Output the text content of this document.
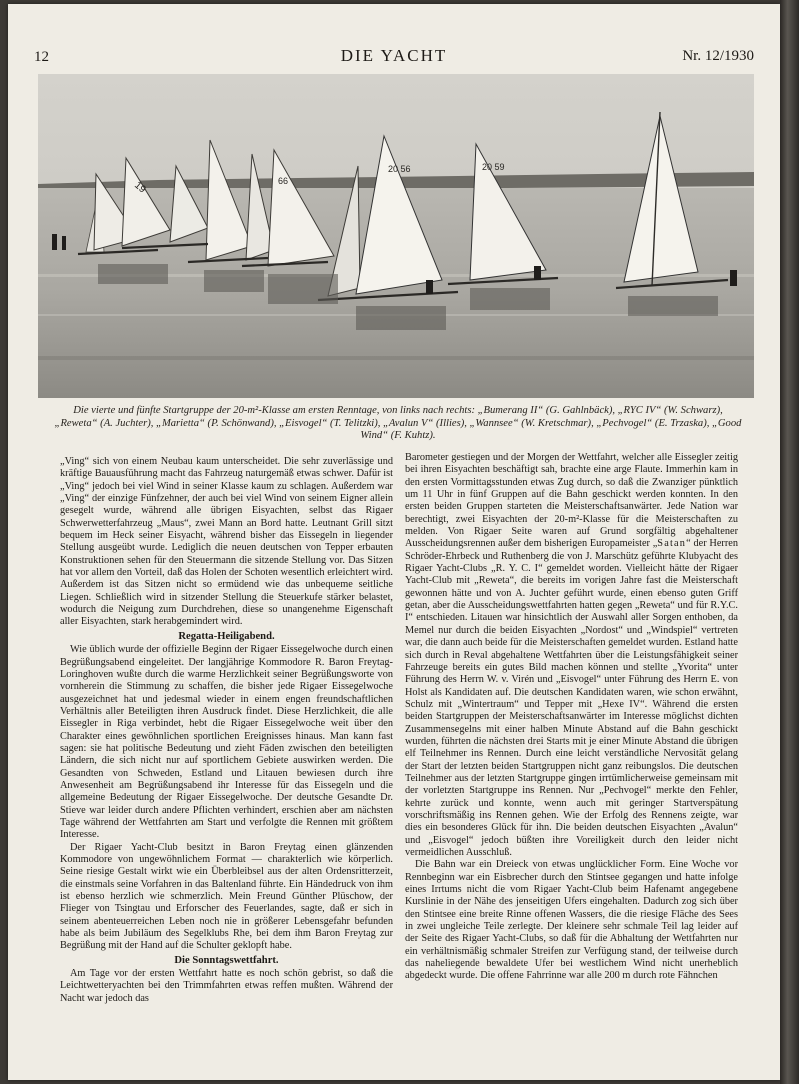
12	DIE YACHT	Nr. 12/1930
19	66
20 56	20 59
Die vierte und fünfte Startgruppe der 20-m²-Klasse am ersten Renntage, von links nach rechts: „Bumerang II“ (G. Gahlnbäck), „RYC IV“ (W. Schwarz), „Reweta“ (A. Juchter), „Marietta“ (P. Schönwand), „Eisvogel“ (T. Telitzki), „Avalun V“ (Illies), „Wannsee“ (W. Kretschmar), „Pechvogel“ (E. Trzaska), „Good Wind“ (F. Kuhtz).

„Ving“ sich von einem Neubau kaum unterscheidet. Die sehr zuverlässige und kräftige Bauausführung macht das Fahrzeug naturgemäß etwas schwer. Dafür ist „Ving“ jedoch bei viel Wind in seiner Klasse kaum zu schlagen. Außerdem war „Ving“ der einzige Fünfzehner, der auch bei viel Wind von seinem Eigner allein gesegelt wurde, während alle übrigen Eisyachten, selbst das Rigaer Schwerwetterfahrzeug „Maus“, zwei Mann an Bord hatte. Leutnant Grill sitzt bequem im Heck seiner Eisyacht, während bisher das Eissegeln in liegender Stellung ausgeübt wurde. Lediglich die neuen deutschen von Tepper erbauten Konstruktionen sehen für den Steuermann die sitzende Stellung vor. Das Sitzen hat vor allem den Vorteil, daß das Holen der Schoten wesentlich erleichtert wird. Außerdem ist das Sitzen nicht so ermüdend wie das unbequeme seitliche Liegen. Schließlich wird in sitzender Stellung die Steuerkufe stärker belastet, wodurch die Neigung zum Durchdrehen, diese so unangenehme Eigenschaft aller Eisyachten, stark herabgemindert wird.

Regatta-Heiligabend.

Wie üblich wurde der offizielle Beginn der Rigaer Eissegelwoche durch einen Begrüßungsabend eingeleitet. Der langjährige Kommodore R. Baron Freytag-Loringhoven wußte durch die warme Herzlichkeit seiner Begrüßungsworte von vornherein die Stimmung zu schaffen, die bisher jede Rigaer Eissegelwoche ausgezeichnet hat und jedesmal wieder in einem engen freundschaftlichen Verhältnis aller Beteiligten ihren Ausdruck findet. Diese Herzlichkeit, die alle Eissegler in Riga verbindet, hebt die Rigaer Eissegelwoche weit über den Charakter eines gewöhnlichen sportlichen Ereignisses hinaus. Man kann fast sagen: sie hat politische Bedeutung und zieht Fäden zwischen den beteiligten Ländern, die sich nicht nur auf sportlichem Gebiete auswirken werden. Die Gesandten von Schweden, Estland und Litauen bewiesen durch ihre Anwesenheit am Begrüßungsabend ihr Interesse für das Eissegeln und die allgemeine Bedeutung der Rigaer Eissegelwoche. Der deutsche Gesandte Dr. Stieve war leider durch andere Pflichten verhindert, erschien aber am nächsten Tage während der Wettfahrten am Start und verfolgte die Rennen mit größtem Interesse.

Der Rigaer Yacht-Club besitzt in Baron Freytag einen glänzenden Kommodore von ungewöhnlichem Format — charakterlich wie körperlich. Seine riesige Gestalt wirkt wie ein Überbleibsel aus der alten Ordensritterzeit, die einstmals seine Vorfahren in das Baltenland führte. Ein Händedruck von ihm ist ebenso herzlich wie schmerzlich. Mein Freund Günther Plüschow, der Flieger von Tsingtau und Erforscher des Feuerlandes, sagte, daß er sich in seinem abenteuerreichen Leben noch nie in größerer Lebensgefahr befunden habe als beim Jubiläum des Segelklubs Rhe, bei dem ihm Baron Freytag zur Begrüßung mit der Hand auf die Schulter geklopft habe.

Die Sonntagswettfahrt.

Am Tage vor der ersten Wettfahrt hatte es noch schön gebrist, so daß die Leichtwetteryachten bei den Trimmfahrten etwas reffen mußten. Während der Nacht war jedoch das

Barometer gestiegen und der Morgen der Wettfahrt, welcher alle Eissegler zeitig bei ihren Eisyachten beschäftigt sah, brachte eine arge Flaute. Immerhin kam in den ersten Vormittagsstunden etwas Zug durch, so daß die Zwanziger pünktlich um 11 Uhr in fünf Gruppen auf die Bahn geschickt werden konnten. In den ersten beiden Gruppen starteten die Meisterschaftsanwärter. Jede Nation war berechtigt, zwei Eisyachten der 20-m²-Klasse für die Meisterschaften zu melden. Von Rigaer Seite waren auf Grund sorgfältig abgehaltener Ausscheidungsrennen außer dem bisherigen Europameister „Satan“ der Herren Schröder-Ehrbeck und Ruthenberg die von J. Marschütz geführte Klubyacht des Rigaer Yacht-Clubs „R. Y. C. I“ gemeldet worden. Vielleicht hätte der Rigaer Yacht-Club mit „Reweta“, die bereits im vorigen Jahre fast die Meisterschaft gewonnen hätte und von A. Juchter geführt wurde, einen ebenso guten Griff getan, aber die Ausscheidungswettfahrten hatten gegen „Reweta“ und für R.Y.C. I“ entschieden. Litauen war hinsichtlich der Auswahl aller Sorgen enthoben, da Memel nur durch die beiden Eisyachten „Nordost“ und „Windspiel“ vertreten war, die dann auch beide für die Meisterschaften gemeldet wurden. Estland hatte sich durch in Reval abgehaltene Wettfahrten über die Leistungsfähigkeit seiner Fahrzeuge bereits ein gutes Bild machen können und stellte „Yvorita“ unter Führung des Herrn W. v. Virén und „Eisvogel“ unter Führung des Herrn E. von Holst als Kandidaten auf. Die deutschen Kandidaten waren, wie schon erwähnt, Schulz mit „Wintertraum“ und Tepper mit „Hexe IV“. Während die ersten beiden Startgruppen der Meisterschaftsanwärter im Interesse möglichst dichten Zusammensegelns mit einer halben Minute Abstand auf die Bahn geschickt wurden, führten die nächsten drei Starts mit je einer Minute Abstand die übrigen elf Teilnehmer ins Rennen. Durch eine leicht verständliche Nervosität gelang der Start der letzten beiden Startgruppen nicht ganz reibungslos. Die deutschen Teilnehmer aus der letzten Startgruppe gingen irrtümlicherweise gemeinsam mit der vorletzten Startgruppe ins Rennen. Nur „Pechvogel“ merkte den Fehler, kehrte zurück und konnte, wenn auch mit geringer Startverspätung vorschriftsmäßig ins Rennen gehen. Wie der Erfolg des Rennens zeigte, war dies ein besonderes Glück für ihn. Die beiden deutschen Eisyachten „Avalun“ und „Eisvogel“ jedoch büßten ihre Voreiligkeit durch den leider nicht vermeidlichen Ausschluß.

Die Bahn war ein Dreieck von etwas unglücklicher Form. Eine Woche vor Rennbeginn war ein Eisbrecher durch den Stintsee gegangen und hatte infolge eines Irrtums nicht die vom Rigaer Yacht-Club beim Hafenamt angegebene Kurslinie in der Nähe des jenseitigen Ufers eingehalten. Dadurch zog sich über den Stintsee eine breite Rinne offenen Wassers, die die riesige Fläche des Sees in zwei ungleiche Teile zerlegte. Der kleinere sehr schmale Teil lag leider auf der Seite des Rigaer Yacht-Clubs, so daß für die Abhaltung der Wettfahrten nur ein verhältnismäßig schmaler Streifen zur Verfügung stand, der teilweise durch das naheliegende bewaldete Ufer bei westlichem Wind nicht unerheblich abgedeckt wurde. Die offene Fahrrinne war alle 200 m durch rote Fähnchen
